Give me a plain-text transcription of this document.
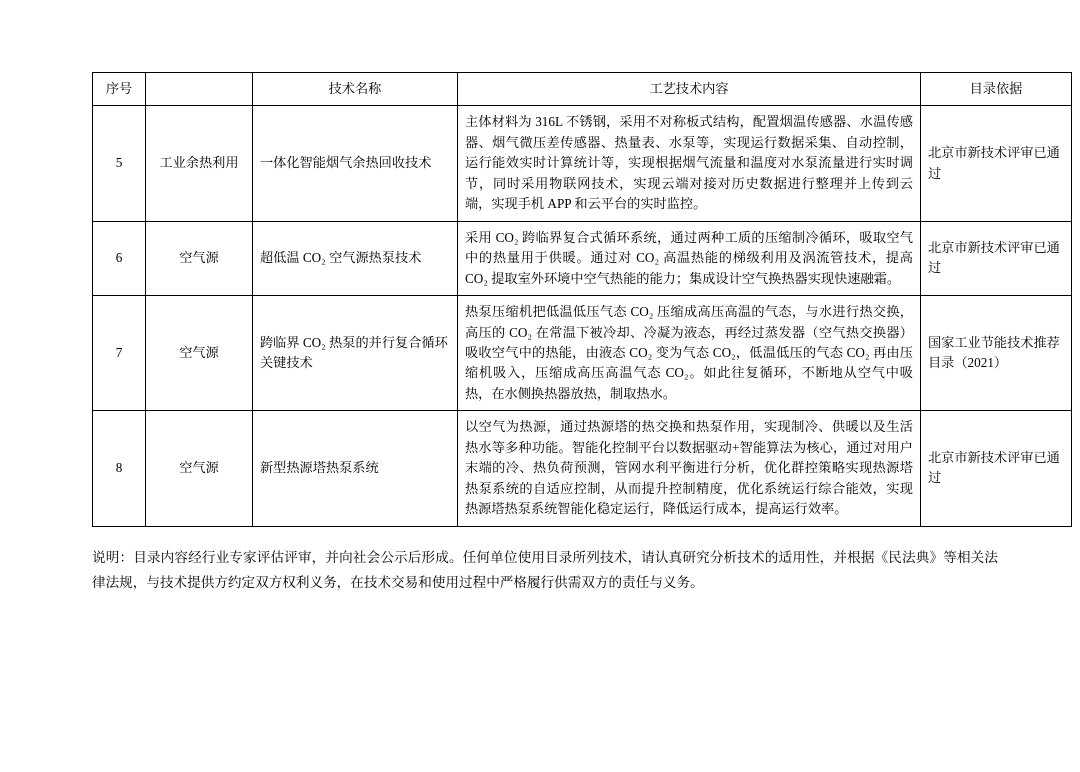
序号		技术名称	工艺技术内容	目录依据
5	工业余热利用	一体化智能烟气余热回收技术	主体材料为 316L 不锈钢，采用不对称板式结构，配置烟温传感器、水温传感器、烟气微压差传感器、热量表、水泵等，实现运行数据采集、自动控制，运行能效实时计算统计等，实现根据烟气流量和温度对水泵流量进行实时调节，同时采用物联网技术，实现云端对接对历史数据进行整理并上传到云端，实现手机 APP 和云平台的实时监控。	北京市新技术评审已通过
6	空气源	超低温 CO₂ 空气源热泵技术	采用 CO₂ 跨临界复合式循环系统，通过两种工质的压缩制冷循环，吸取空气中的热量用于供暖。通过对 CO₂ 高温热能的梯级利用及涡流管技术，提高 CO₂ 提取室外环境中空气热能的能力；集成设计空气换热器实现快速融霜。	北京市新技术评审已通过
7	空气源	跨临界 CO₂ 热泵的并行复合循环关键技术	热泵压缩机把低温低压气态 CO₂ 压缩成高压高温的气态，与水进行热交换，高压的 CO₂ 在常温下被冷却、冷凝为液态，再经过蒸发器（空气热交换器）吸收空气中的热能，由液态 CO₂ 变为气态 CO₂，低温低压的气态 CO₂ 再由压缩机吸入，压缩成高压高温气态 CO₂。如此往复循环，不断地从空气中吸热，在水侧换热器放热，制取热水。	国家工业节能技术推荐目录（2021）
8	空气源	新型热源塔热泵系统	以空气为热源，通过热源塔的热交换和热泵作用，实现制冷、供暖以及生活热水等多种功能。智能化控制平台以数据驱动+智能算法为核心，通过对用户末端的冷、热负荷预测，管网水利平衡进行分析，优化群控策略实现热源塔热泵系统的自适应控制，从而提升控制精度，优化系统运行综合能效，实现热源塔热泵系统智能化稳定运行，降低运行成本，提高运行效率。	北京市新技术评审已通过

说明：目录内容经行业专家评估评审，并向社会公示后形成。任何单位使用目录所列技术，请认真研究分析技术的适用性，并根据《民法典》等相关法律法规，与技术提供方约定双方权利义务，在技术交易和使用过程中严格履行供需双方的责任与义务。
